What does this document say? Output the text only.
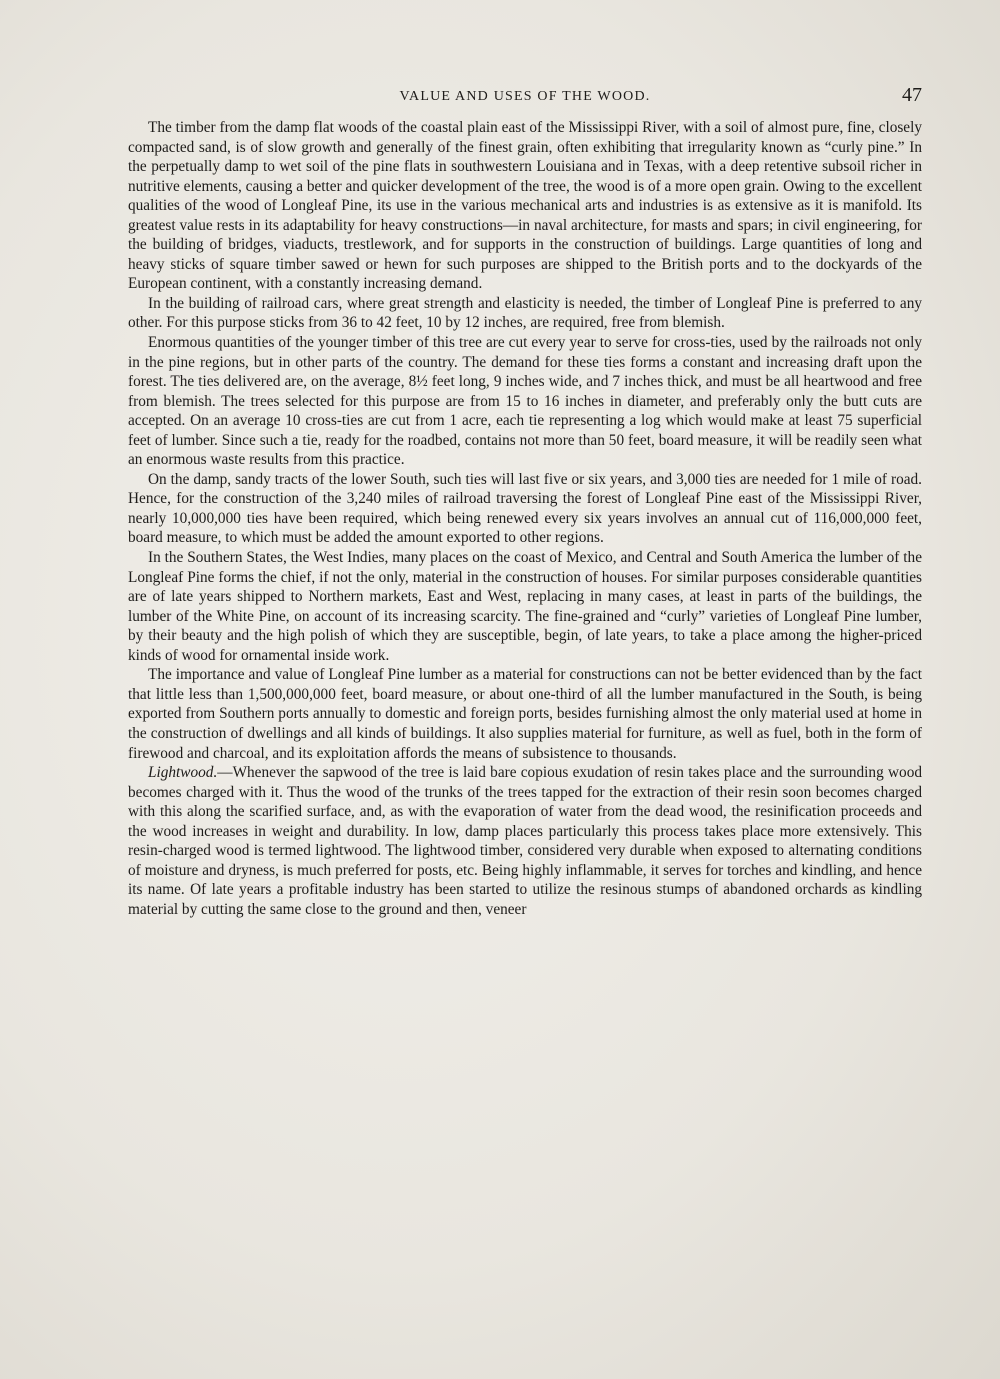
VALUE AND USES OF THE WOOD.	47

The timber from the damp flat woods of the coastal plain east of the Mississippi River, with a soil of almost pure, fine, closely compacted sand, is of slow growth and generally of the finest grain, often exhibiting that irregularity known as “curly pine.” In the perpetually damp to wet soil of the pine flats in southwestern Louisiana and in Texas, with a deep retentive subsoil richer in nutritive elements, causing a better and quicker development of the tree, the wood is of a more open grain. Owing to the excellent qualities of the wood of Longleaf Pine, its use in the various mechanical arts and industries is as extensive as it is manifold. Its greatest value rests in its adaptability for heavy constructions—in naval architecture, for masts and spars; in civil engineering, for the building of bridges, viaducts, trestlework, and for supports in the construction of buildings. Large quantities of long and heavy sticks of square timber sawed or hewn for such purposes are shipped to the British ports and to the dockyards of the European continent, with a constantly increasing demand.

In the building of railroad cars, where great strength and elasticity is needed, the timber of Longleaf Pine is preferred to any other. For this purpose sticks from 36 to 42 feet, 10 by 12 inches, are required, free from blemish.

Enormous quantities of the younger timber of this tree are cut every year to serve for cross-ties, used by the railroads not only in the pine regions, but in other parts of the country. The demand for these ties forms a constant and increasing draft upon the forest. The ties delivered are, on the average, 8½ feet long, 9 inches wide, and 7 inches thick, and must be all heartwood and free from blemish. The trees selected for this purpose are from 15 to 16 inches in diameter, and preferably only the butt cuts are accepted. On an average 10 cross-ties are cut from 1 acre, each tie representing a log which would make at least 75 superficial feet of lumber. Since such a tie, ready for the roadbed, contains not more than 50 feet, board measure, it will be readily seen what an enormous waste results from this practice.

On the damp, sandy tracts of the lower South, such ties will last five or six years, and 3,000 ties are needed for 1 mile of road. Hence, for the construction of the 3,240 miles of railroad traversing the forest of Longleaf Pine east of the Mississippi River, nearly 10,000,000 ties have been required, which being renewed every six years involves an annual cut of 116,000,000 feet, board measure, to which must be added the amount exported to other regions.

In the Southern States, the West Indies, many places on the coast of Mexico, and Central and South America the lumber of the Longleaf Pine forms the chief, if not the only, material in the construction of houses. For similar purposes considerable quantities are of late years shipped to Northern markets, East and West, replacing in many cases, at least in parts of the buildings, the lumber of the White Pine, on account of its increasing scarcity. The fine-grained and “curly” varieties of Longleaf Pine lumber, by their beauty and the high polish of which they are susceptible, begin, of late years, to take a place among the higher-priced kinds of wood for ornamental inside work.

The importance and value of Longleaf Pine lumber as a material for constructions can not be better evidenced than by the fact that little less than 1,500,000,000 feet, board measure, or about one-third of all the lumber manufactured in the South, is being exported from Southern ports annually to domestic and foreign ports, besides furnishing almost the only material used at home in the construction of dwellings and all kinds of buildings. It also supplies material for furniture, as well as fuel, both in the form of firewood and charcoal, and its exploitation affords the means of subsistence to thousands.

Lightwood.—Whenever the sapwood of the tree is laid bare copious exudation of resin takes place and the surrounding wood becomes charged with it. Thus the wood of the trunks of the trees tapped for the extraction of their resin soon becomes charged with this along the scarified surface, and, as with the evaporation of water from the dead wood, the resinification proceeds and the wood increases in weight and durability. In low, damp places particularly this process takes place more extensively. This resin-charged wood is termed lightwood. The lightwood timber, considered very durable when exposed to alternating conditions of moisture and dryness, is much preferred for posts, etc. Being highly inflammable, it serves for torches and kindling, and hence its name. Of late years a profitable industry has been started to utilize the resinous stumps of abandoned orchards as kindling material by cutting the same close to the ground and then, veneer
